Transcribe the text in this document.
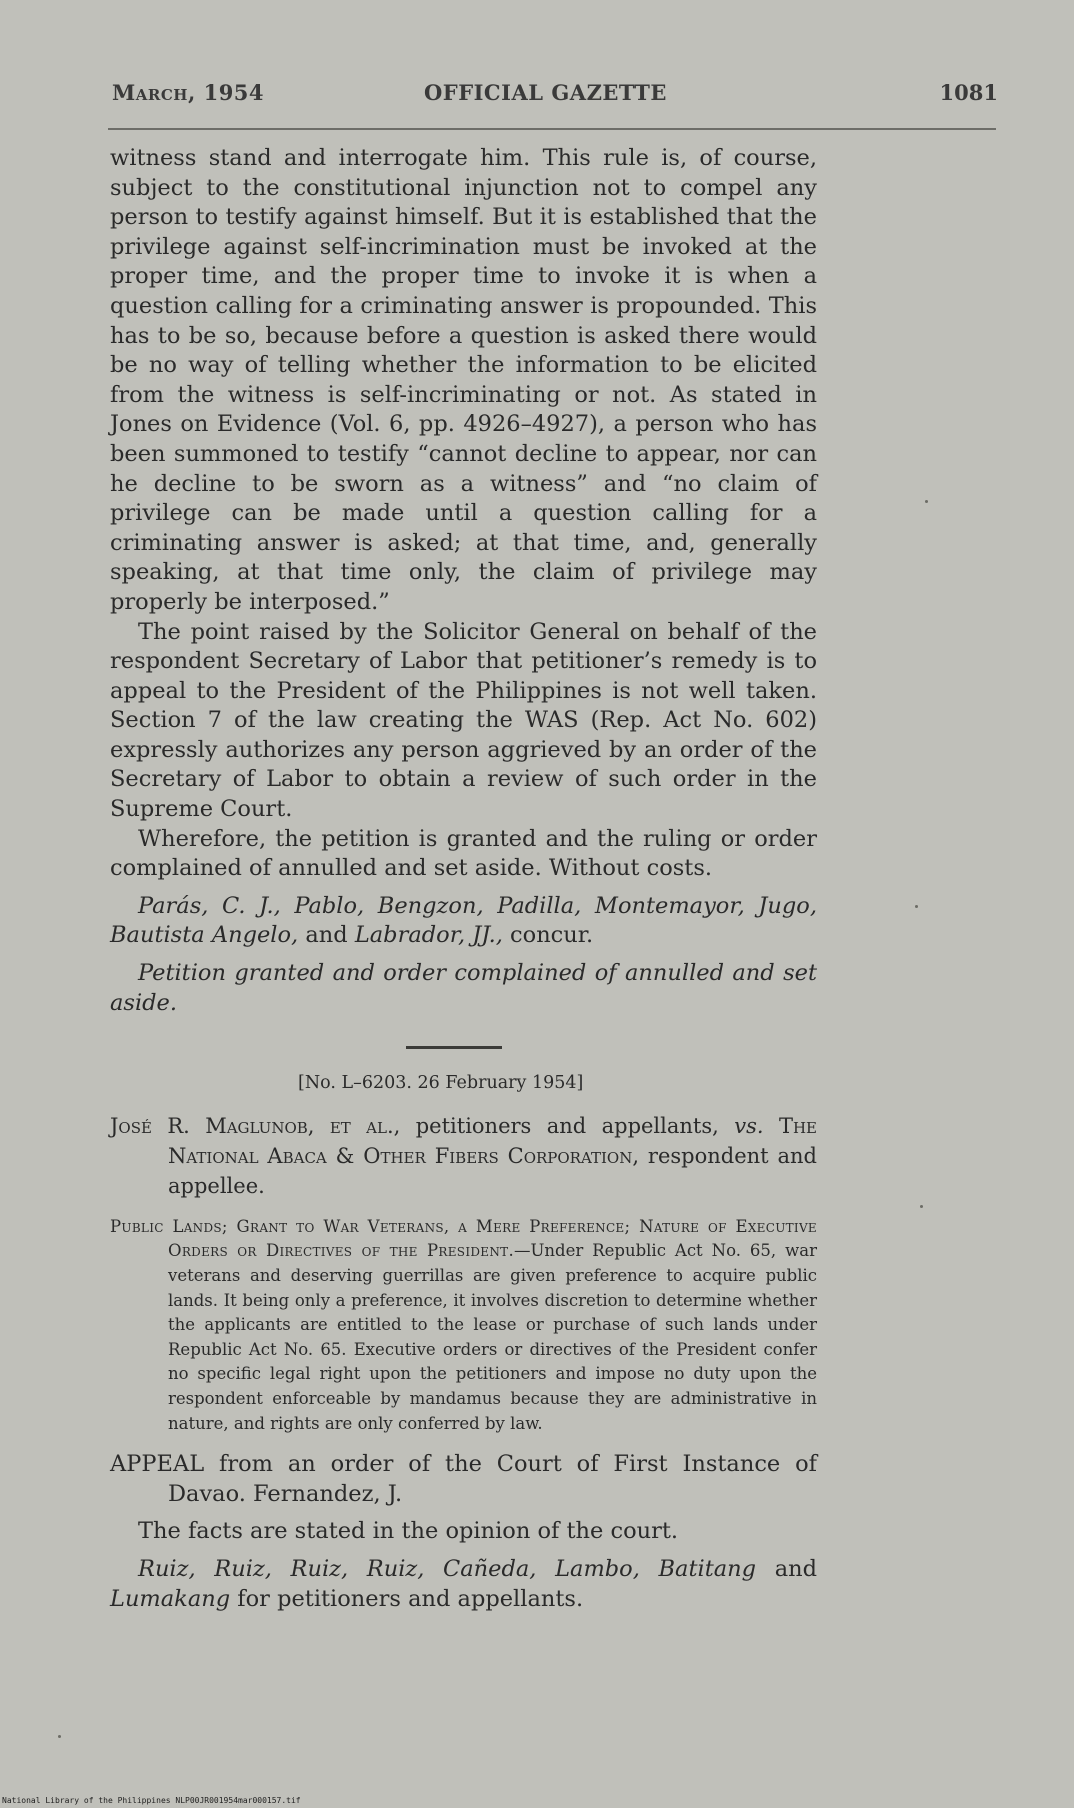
March, 1954	OFFICIAL GAZETTE	1081

witness stand and interrogate him. This rule is, of course, subject to the constitutional injunction not to compel any person to testify against himself. But it is established that the privilege against self-incrimination must be invoked at the proper time, and the proper time to invoke it is when a question calling for a criminating answer is propounded. This has to be so, because before a question is asked there would be no way of telling whether the information to be elicited from the witness is self-incriminating or not. As stated in Jones on Evidence (Vol. 6, pp. 4926–4927), a person who has been summoned to testify “cannot decline to appear, nor can he decline to be sworn as a witness” and “no claim of privilege can be made until a question calling for a criminating answer is asked; at that time, and, generally speaking, at that time only, the claim of privilege may properly be interposed.”

The point raised by the Solicitor General on behalf of the respondent Secretary of Labor that petitioner’s remedy is to appeal to the President of the Philippines is not well taken. Section 7 of the law creating the WAS (Rep. Act No. 602) expressly authorizes any person aggrieved by an order of the Secretary of Labor to obtain a review of such order in the Supreme Court.

Wherefore, the petition is granted and the ruling or order complained of annulled and set aside. Without costs.

Parás, C. J., Pablo, Bengzon, Padilla, Montemayor, Jugo, Bautista Angelo, and Labrador, JJ., concur.

Petition granted and order complained of annulled and set aside.

[No. L–6203. 26 February 1954]

José R. Maglunob, et al., petitioners and appellants, vs. The National Abaca & Other Fibers Corporation, respondent and appellee.

Public Lands; Grant to War Veterans, a Mere Preference; Nature of Executive Orders or Directives of the President.—Under Republic Act No. 65, war veterans and deserving guerrillas are given preference to acquire public lands. It being only a preference, it involves discretion to determine whether the applicants are entitled to the lease or purchase of such lands under Republic Act No. 65. Executive orders or directives of the President confer no specific legal right upon the petitioners and impose no duty upon the respondent enforceable by mandamus because they are administrative in nature, and rights are only conferred by law.

APPEAL from an order of the Court of First Instance of Davao. Fernandez, J.

The facts are stated in the opinion of the court.

Ruiz, Ruiz, Ruiz, Ruiz, Cañeda, Lambo, Batitang and Lumakang for petitioners and appellants.

National Library of the Philippines NLP00JR001954mar000157.tif
